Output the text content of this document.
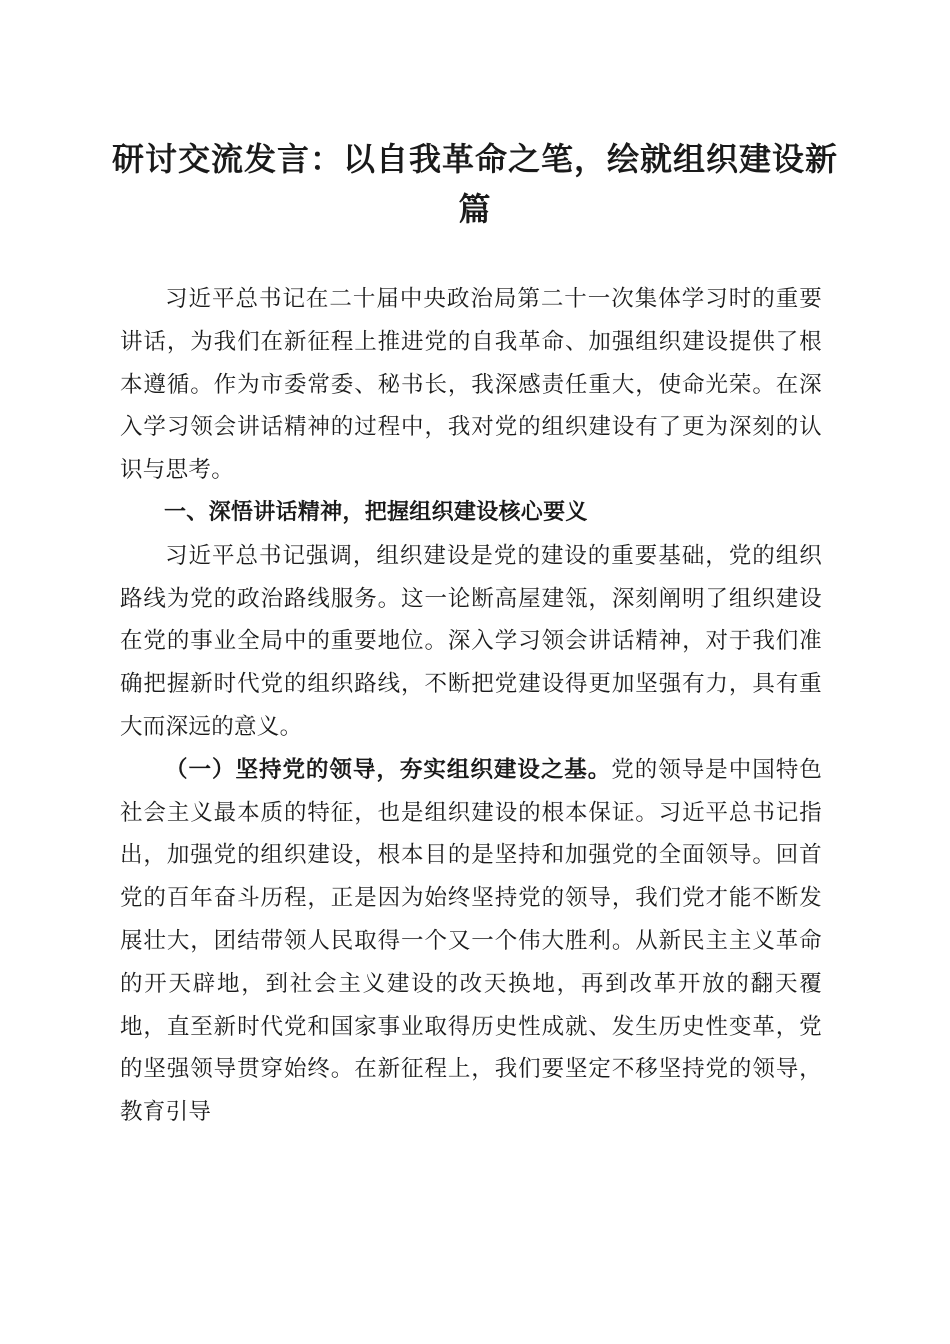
研讨交流发言：以自我革命之笔，绘就组织建设新篇

习近平总书记在二十届中央政治局第二十一次集体学习时的重要讲话，为我们在新征程上推进党的自我革命、加强组织建设提供了根本遵循。作为市委常委、秘书长，我深感责任重大，使命光荣。在深入学习领会讲话精神的过程中，我对党的组织建设有了更为深刻的认识与思考。

一、深悟讲话精神，把握组织建设核心要义

习近平总书记强调，组织建设是党的建设的重要基础，党的组织路线为党的政治路线服务。这一论断高屋建瓴，深刻阐明了组织建设在党的事业全局中的重要地位。深入学习领会讲话精神，对于我们准确把握新时代党的组织路线，不断把党建设得更加坚强有力，具有重大而深远的意义。

（一）坚持党的领导，夯实组织建设之基。党的领导是中国特色社会主义最本质的特征，也是组织建设的根本保证。习近平总书记指出，加强党的组织建设，根本目的是坚持和加强党的全面领导。回首党的百年奋斗历程，正是因为始终坚持党的领导，我们党才能不断发展壮大，团结带领人民取得一个又一个伟大胜利。从新民主主义革命的开天辟地，到社会主义建设的改天换地，再到改革开放的翻天覆地，直至新时代党和国家事业取得历史性成就、发生历史性变革，党的坚强领导贯穿始终。在新征程上，我们要坚定不移坚持党的领导，教育引导
